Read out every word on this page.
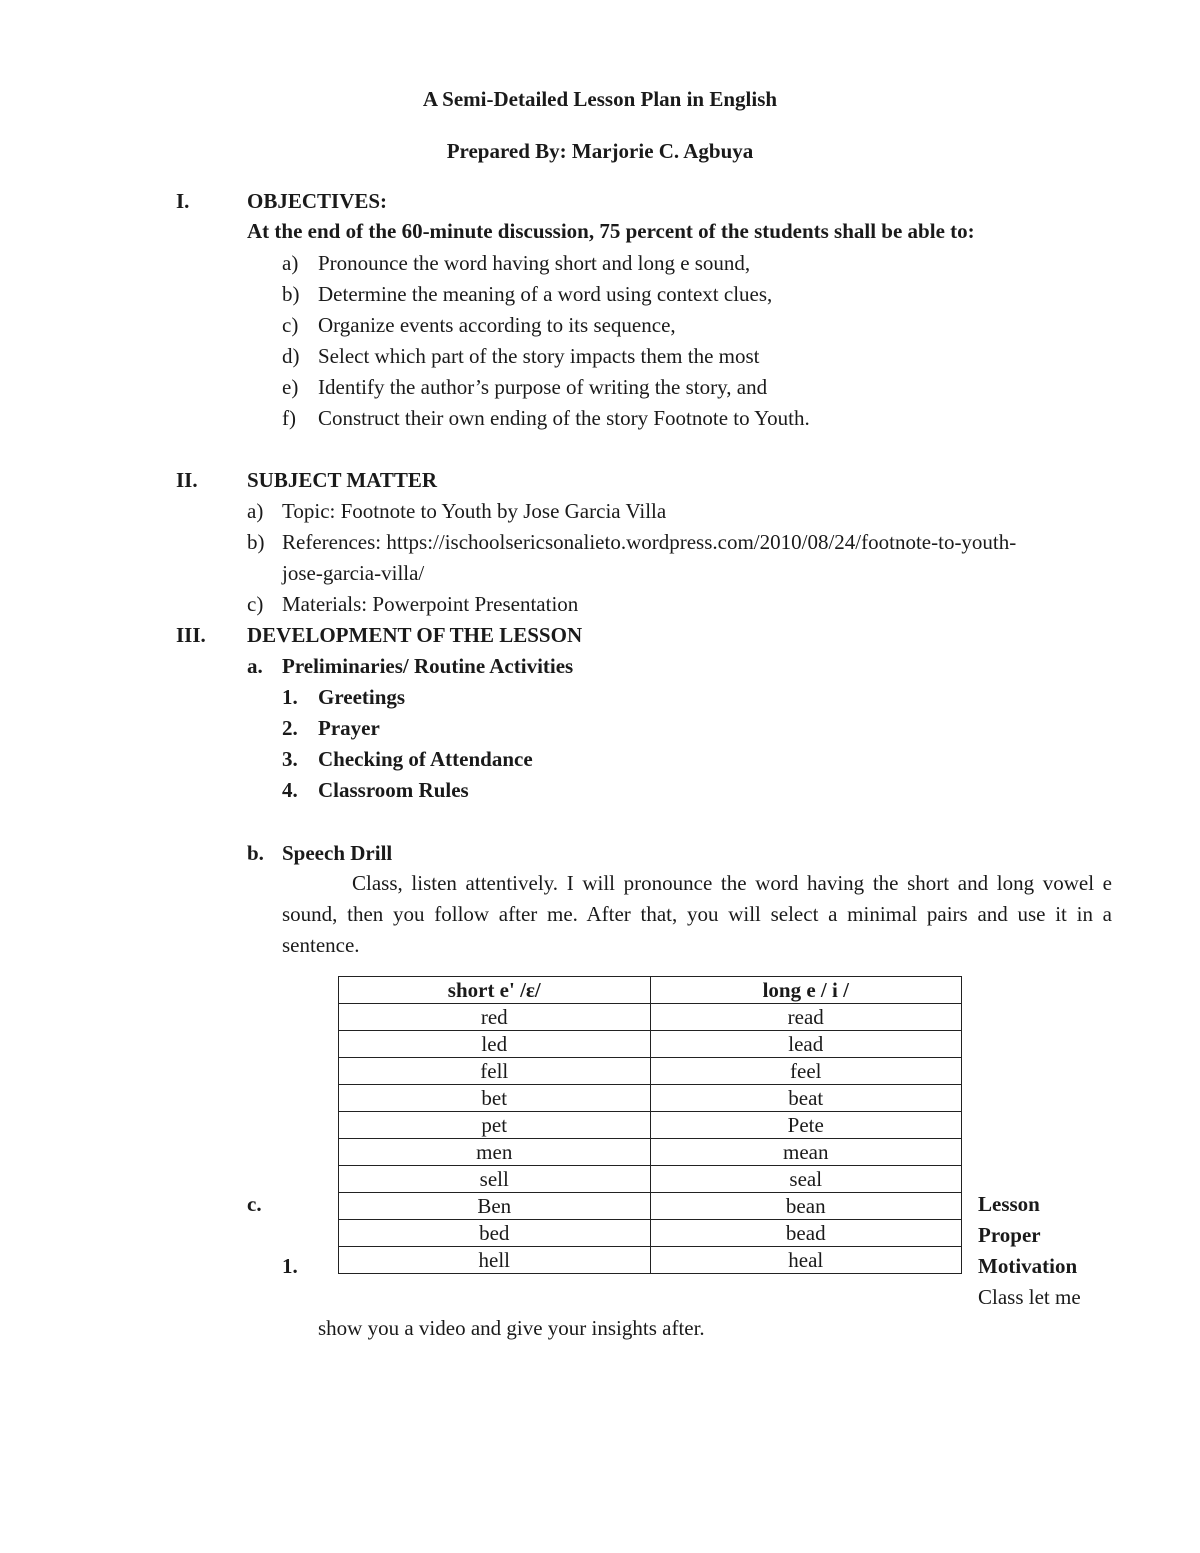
A Semi-Detailed Lesson Plan in English
Prepared By: Marjorie C. Agbuya
I.	OBJECTIVES:
At the end of the 60-minute discussion, 75 percent of the students shall be able to:
a) Pronounce the word having short and long e sound,
b) Determine the meaning of a word using context clues,
c) Organize events according to its sequence,
d) Select which part of the story impacts them the most
e) Identify the author’s purpose of writing the story, and
f) Construct their own ending of the story Footnote to Youth.
II. SUBJECT MATTER
a) Topic: Footnote to Youth by Jose Garcia Villa
b) References: https://ischoolsericsonalieto.wordpress.com/2010/08/24/footnote-to-youth-
jose-garcia-villa/
c) Materials: Powerpoint Presentation
III. DEVELOPMENT OF THE LESSON
a. Preliminaries/ Routine Activities
1. Greetings
2. Prayer
3. Checking of Attendance
4. Classroom Rules
b. Speech Drill
Class, listen attentively. I will pronounce the word having the short and long vowel e sound, then you follow after me. After that, you will select a minimal pairs and use it in a sentence.
short e' /ɛ/	long e / i /
red	read
led	lead
fell	feel
bet	beat
pet	Pete
men	mean
sell	seal
Ben	bean
bed	bead
hell	heal
c.	Lesson
Proper
1.	Motivation
Class let me
show you a video and give your insights after.
